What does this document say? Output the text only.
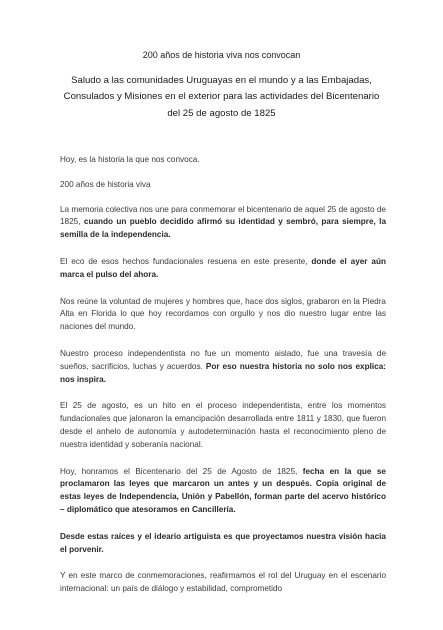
200 años de historia viva nos convocan
Saludo a las comunidades Uruguayas en el mundo y a las Embajadas, Consulados y Misiones en el exterior para las actividades del Bicentenario del 25 de agosto de 1825

Hoy, es la historia la que nos convoca.

200 años de historia viva

La memoria colectiva nos une para conmemorar el bicentenario de aquel 25 de agosto de 1825, cuando un pueblo decidido afirmó su identidad y sembró, para siempre, la semilla de la independencia.

El eco de esos hechos fundacionales resuena en este presente, donde el ayer aún marca el pulso del ahora.

Nos reúne la voluntad de mujeres y hombres que, hace dos siglos, grabaron en la Piedra Alta en Florida lo que hoy recordamos con orgullo y nos dio nuestro lugar entre las naciones del mundo.

Nuestro proceso independentista no fue un momento aislado, fue una travesía de sueños, sacrificios, luchas y acuerdos. Por eso nuestra historia no solo nos explica: nos inspira.

El 25 de agosto, es un hito en el proceso independentista, entre los momentos fundacionales que jalonaron la emancipación desarrollada entre 1811 y 1830, que fueron desde el anhelo de autonomía y autodeterminación hasta el reconocimiento pleno de nuestra identidad y soberanía nacional.

Hoy, honramos el Bicentenario del 25 de Agosto de 1825, fecha en la que se proclamaron las leyes que marcaron un antes y un después. Copia original de estas leyes de Independencia, Unión y Pabellón, forman parte del acervo histórico – diplomático que atesoramos en Cancillería.

Desde estas raíces y el ideario artiguista es que proyectamos nuestra visión hacia el porvenir.

Y en este marco de conmemoraciones, reafirmamos el rol del Uruguay en el escenario internacional: un país de diálogo y estabilidad, comprometido
